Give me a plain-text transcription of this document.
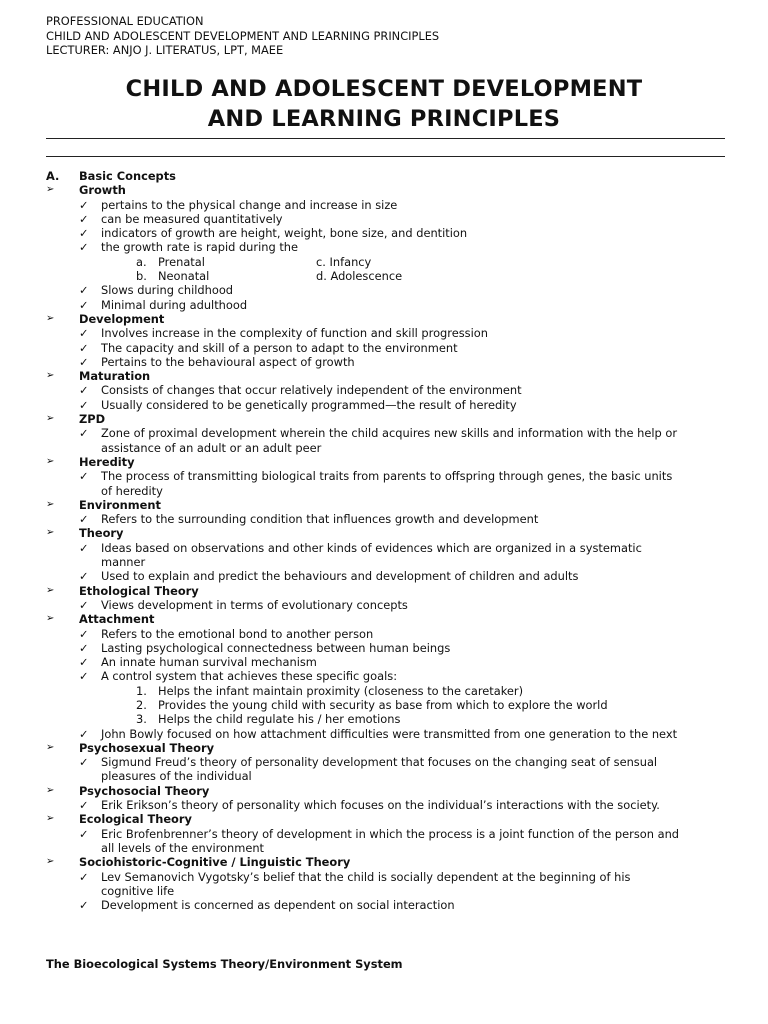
PROFESSIONAL EDUCATION
CHILD AND ADOLESCENT DEVELOPMENT AND LEARNING PRINCIPLES
LECTURER: ANJO J. LITERATUS, LPT, MAEE
CHILD AND ADOLESCENT DEVELOPMENT
AND LEARNING PRINCIPLES
A. Basic Concepts
➢ Growth
✓ pertains to the physical change and increase in size
✓ can be measured quantitatively
✓ indicators of growth are height, weight, bone size, and dentition
✓ the growth rate is rapid during the
a. Prenatal	c. Infancy
b. Neonatal	d. Adolescence
✓ Slows during childhood
✓ Minimal during adulthood
➢ Development
✓ Involves increase in the complexity of function and skill progression
✓ The capacity and skill of a person to adapt to the environment
✓ Pertains to the behavioural aspect of growth
➢ Maturation
✓ Consists of changes that occur relatively independent of the environment
✓ Usually considered to be genetically programmed—the result of heredity
➢ ZPD
✓ Zone of proximal development wherein the child acquires new skills and information with the help or
assistance of an adult or an adult peer
➢ Heredity
✓ The process of transmitting biological traits from parents to offspring through genes, the basic units
of heredity
➢ Environment
✓ Refers to the surrounding condition that influences growth and development
➢ Theory
✓ Ideas based on observations and other kinds of evidences which are organized in a systematic
manner
✓ Used to explain and predict the behaviours and development of children and adults
➢ Ethological Theory
✓ Views development in terms of evolutionary concepts
➢ Attachment
✓ Refers to the emotional bond to another person
✓ Lasting psychological connectedness between human beings
✓ An innate human survival mechanism
✓ A control system that achieves these specific goals:
1. Helps the infant maintain proximity (closeness to the caretaker)
2. Provides the young child with security as base from which to explore the world
3. Helps the child regulate his / her emotions
✓ John Bowly focused on how attachment difficulties were transmitted from one generation to the next
➢ Psychosexual Theory
✓ Sigmund Freud’s theory of personality development that focuses on the changing seat of sensual
pleasures of the individual
➢ Psychosocial Theory
✓ Erik Erikson’s theory of personality which focuses on the individual’s interactions with the society.
➢ Ecological Theory
✓ Eric Brofenbrenner’s theory of development in which the process is a joint function of the person and
all levels of the environment
➢ Sociohistoric-Cognitive / Linguistic Theory
✓ Lev Semanovich Vygotsky’s belief that the child is socially dependent at the beginning of his
cognitive life
✓ Development is concerned as dependent on social interaction
The Bioecological Systems Theory/Environment System
